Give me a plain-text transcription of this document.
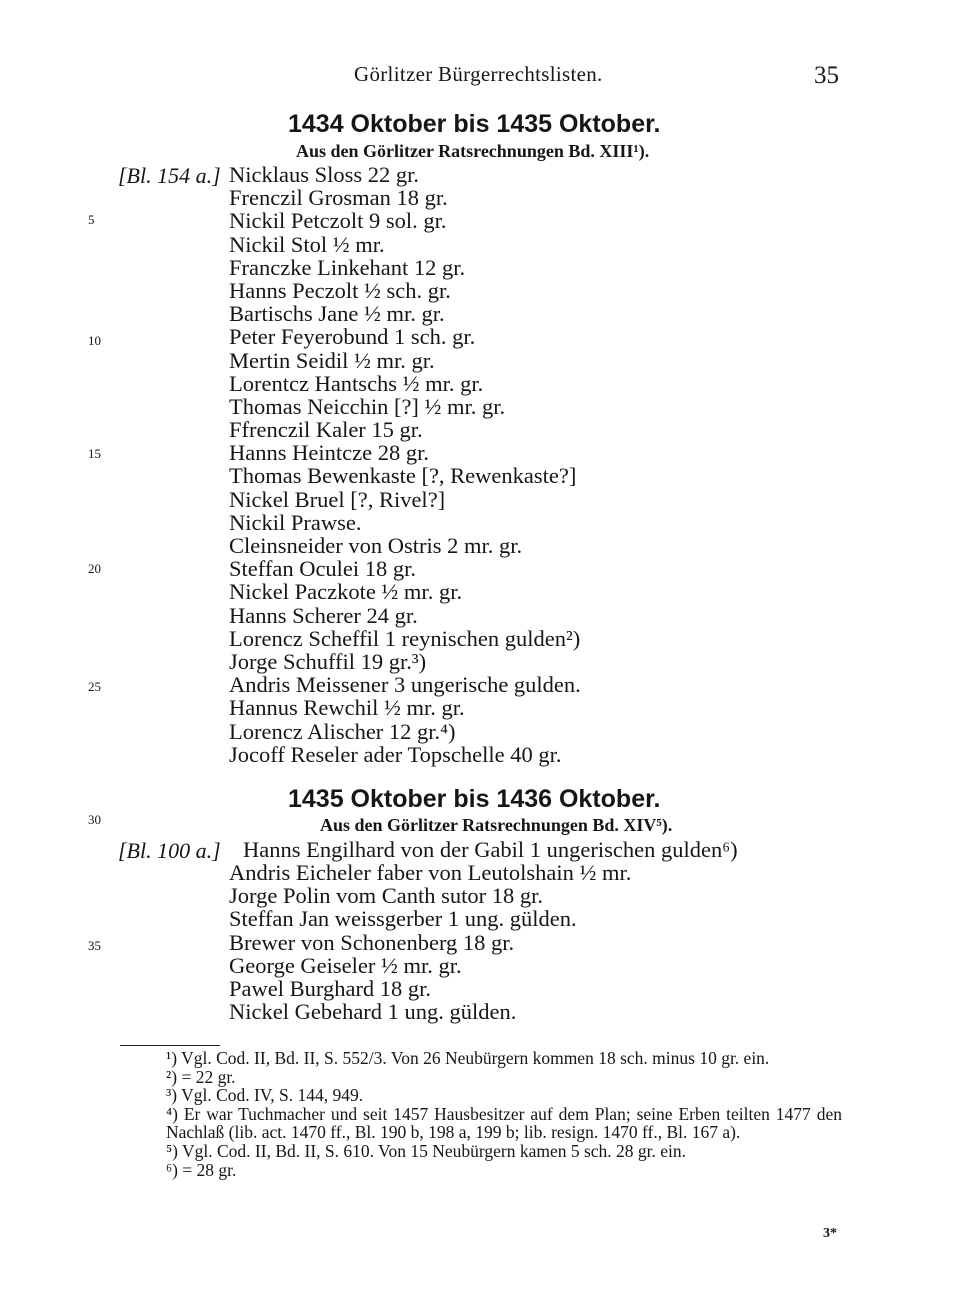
Görlitzer Bürgerrechtslisten.	35
5
10
15
20
25
30
35
1434 Oktober bis 1435 Oktober.
Aus den Görlitzer Ratsrechnungen Bd. XIII¹).
[Bl. 154 a.] Nicklaus Sloss 22 gr.
Frenczil Grosman 18 gr.
Nickil Petczolt 9 sol. gr.
Nickil Stol ½ mr.
Franczke Linkehant 12 gr.
Hanns Peczolt ½ sch. gr.
Bartischs Jane ½ mr. gr.
Peter Feyerobund 1 sch. gr.
Mertin Seidil ½ mr. gr.
Lorentcz Hantschs ½ mr. gr.
Thomas Neicchin [?] ½ mr. gr.
Ffrenczil Kaler 15 gr.
Hanns Heintcze 28 gr.
Thomas Bewenkaste [?, Rewenkaste?]
Nickel Bruel [?, Rivel?]
Nickil Prawse.
Cleinsneider von Ostris 2 mr. gr.
Steffan Oculei 18 gr.
Nickel Paczkote ½ mr. gr.
Hanns Scherer 24 gr.
Lorencz Scheffil 1 reynischen gulden²)
Jorge Schuffil 19 gr.³)
Andris Meissener 3 ungerische gulden.
Hannus Rewchil ½ mr. gr.
Lorencz Alischer 12 gr.⁴)
Jocoff Reseler ader Topschelle 40 gr.
1435 Oktober bis 1436 Oktober.
Aus den Görlitzer Ratsrechnungen Bd. XIV⁵).
[Bl. 100 a.] Hanns Engilhard von der Gabil 1 ungerischen gulden⁶)
Andris Eicheler faber von Leutolshain ½ mr.
Jorge Polin vom Canth sutor 18 gr.
Steffan Jan weissgerber 1 ung. gülden.
Brewer von Schonenberg 18 gr.
George Geiseler ½ mr. gr.
Pawel Burghard 18 gr.
Nickel Gebehard 1 ung. gülden.
¹) Vgl. Cod. II, Bd. II, S. 552/3. Von 26 Neubürgern kommen 18 sch. minus 10 gr. ein.
²) = 22 gr.
³) Vgl. Cod. IV, S. 144, 949.
⁴) Er war Tuchmacher und seit 1457 Hausbesitzer auf dem Plan; seine Erben teilten 1477 den Nachlaß (lib. act. 1470 ff., Bl. 190 b, 198 a, 199 b; lib. resign. 1470 ff., Bl. 167 a).
⁵) Vgl. Cod. II, Bd. II, S. 610. Von 15 Neubürgern kamen 5 sch. 28 gr. ein.
⁶) = 28 gr.
3*
